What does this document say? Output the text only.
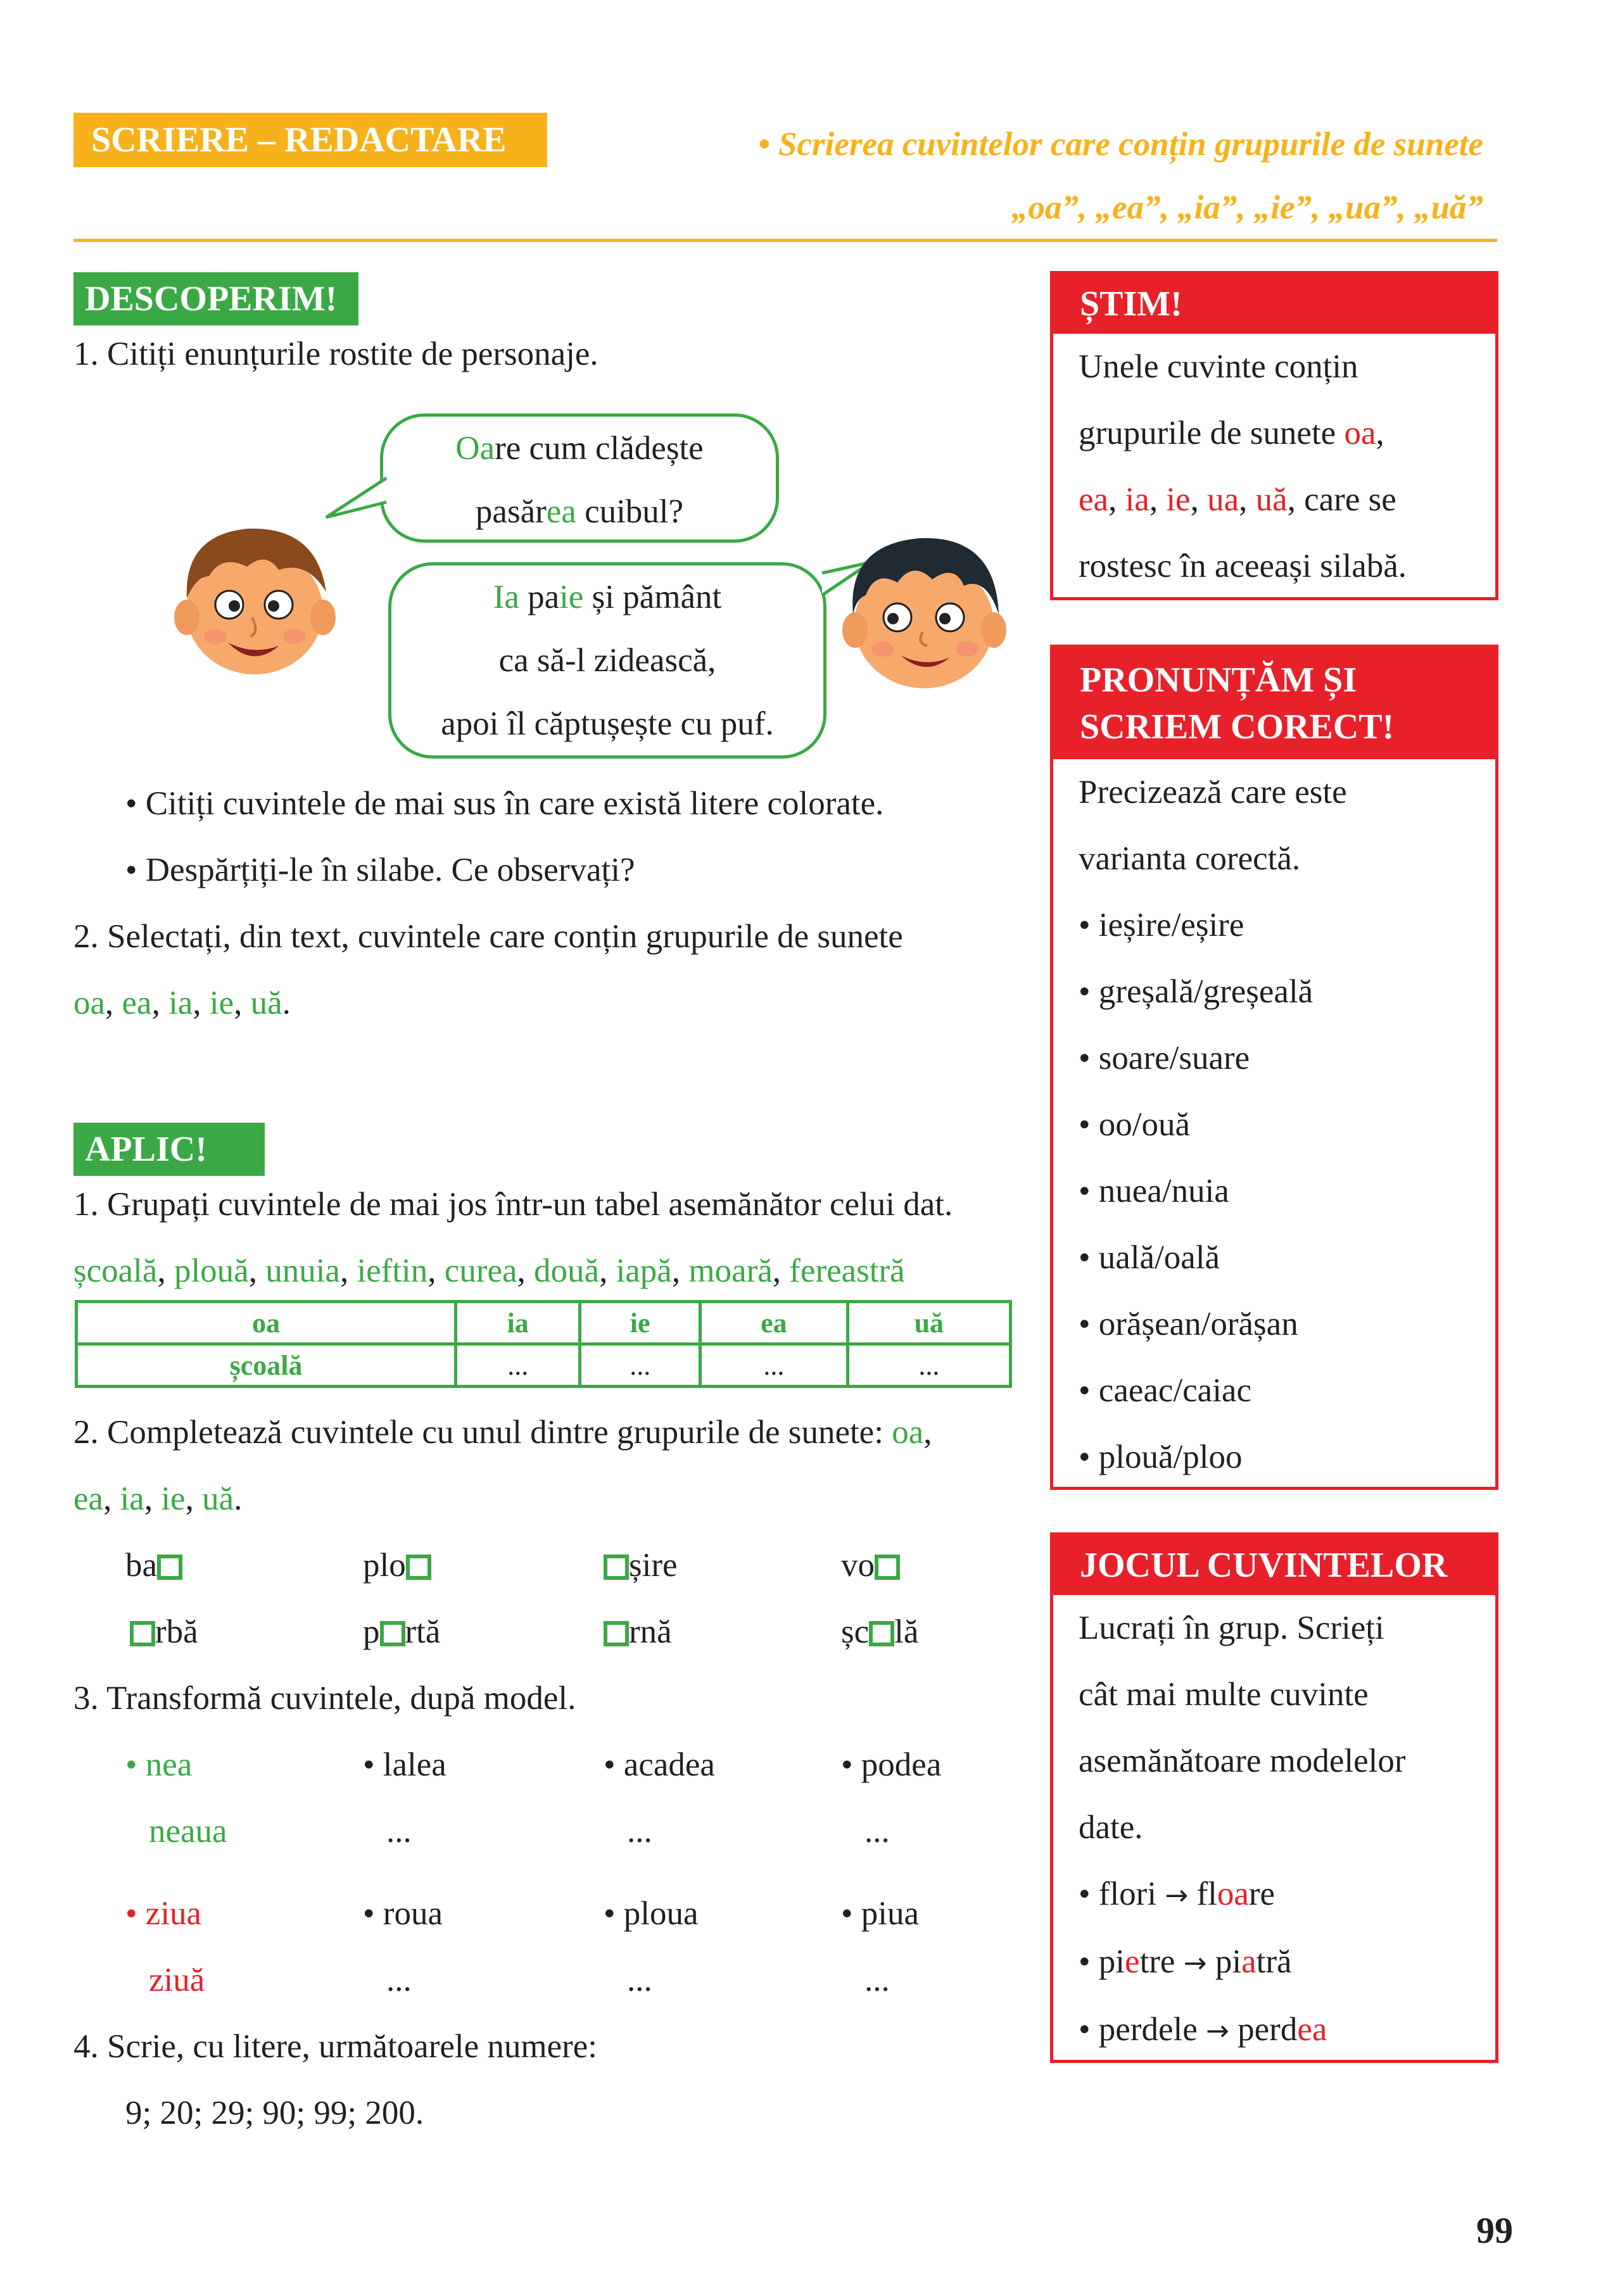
SCRIERE – REDACTARE	• Scrierea cuvintelor care conțin grupurile de sunete
„oa”, „ea”, „ia”, „ie”, „ua”, „uă”
DESCOPERIM!
1. Citiți enunțurile rostite de personaje.
Oare cum clădește
pasărea cuibul?
Ia paie și pământ
ca să-l zidească,
apoi îl căptușește cu puf.
• Citiți cuvintele de mai sus în care există litere colorate.
• Despărțiți-le în silabe. Ce observați?
2. Selectați, din text, cuvintele care conțin grupurile de sunete
oa, ea, ia, ie, uă.
APLIC!
1. Grupați cuvintele de mai jos într-un tabel asemănător celui dat.
școală, plouă, unuia, ieftin, curea, două, iapă, moară, fereastră
oa	ia	ie	ea	uă
școală	...	...	...	...
2. Completează cuvintele cu unul dintre grupurile de sunete: oa,
ea, ia, ie, uă.
ba	plo	șire	vo
rbă	p rtă	rnă	șc lă
3. Transformă cuvintele, după model.
• nea	• lalea	• acadea	• podea
neaua	...	...	...
• ziua	• roua	• ploua	• piua
ziuă	...	...	...
4. Scrie, cu litere, următoarele numere:
9; 20; 29; 90; 99; 200.
ȘTIM!
Unele cuvinte conțin
grupurile de sunete oa,
ea, ia, ie, ua, uă, care se
rostesc în aceeași silabă.
PRONUNȚĂM ȘI
SCRIEM CORECT!
Precizează care este
varianta corectă.
• ieșire/eșire
• greșală/greșeală
• soare/suare
• oo/ouă
• nuea/nuia
• uală/oală
• orășean/orășan
• caeac/caiac
• plouă/ploo
JOCUL CUVINTELOR
Lucrați în grup. Scrieți
cât mai multe cuvinte
asemănătoare modelelor
date.
• flori → floare
• pietre → piatră
• perdele → perdea
99
